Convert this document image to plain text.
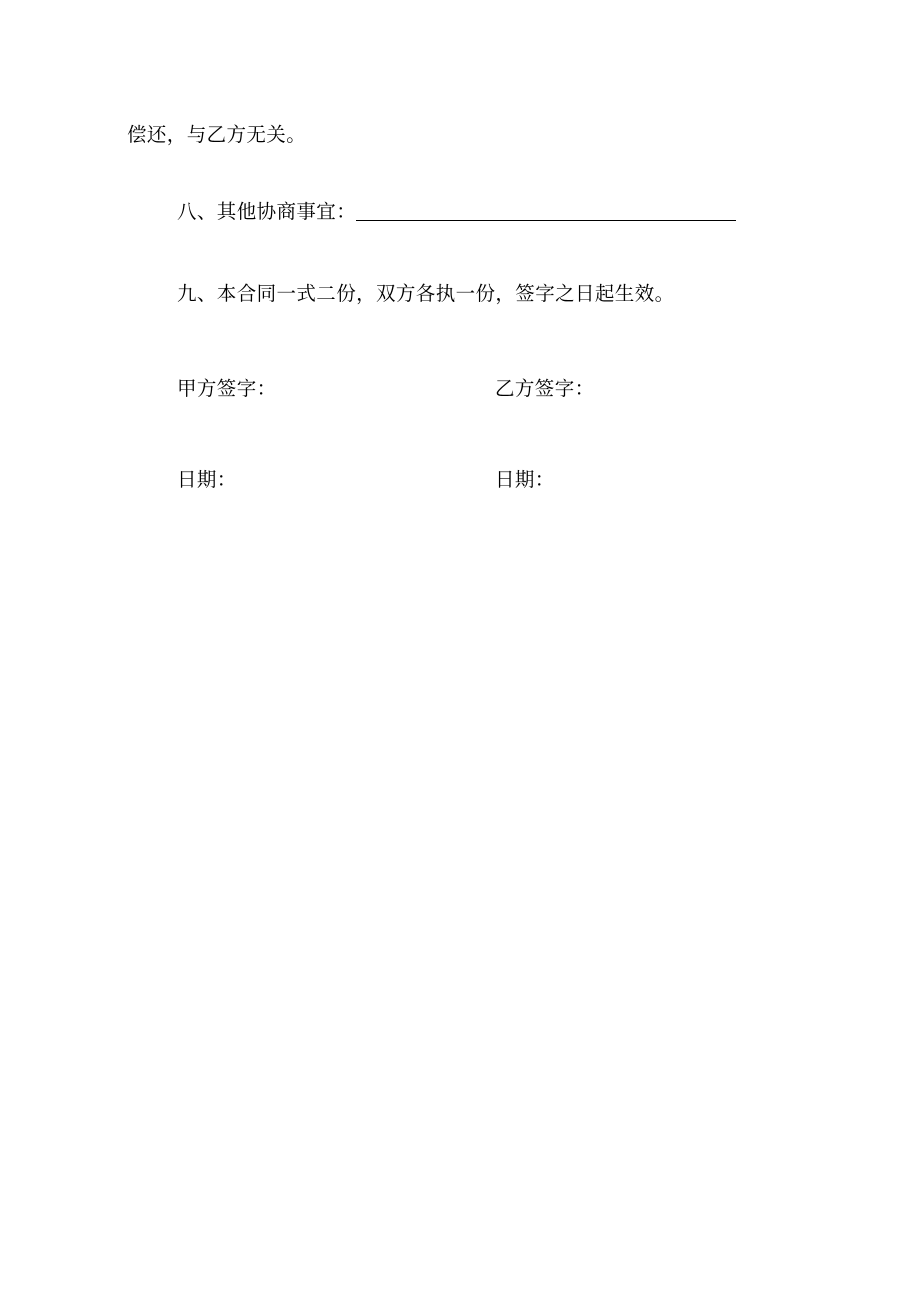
偿还，与乙方无关。
八、其他协商事宜：
九、本合同一式二份，双方各执一份，签字之日起生效。
甲方签字：	乙方签字：
日期：	日期：
